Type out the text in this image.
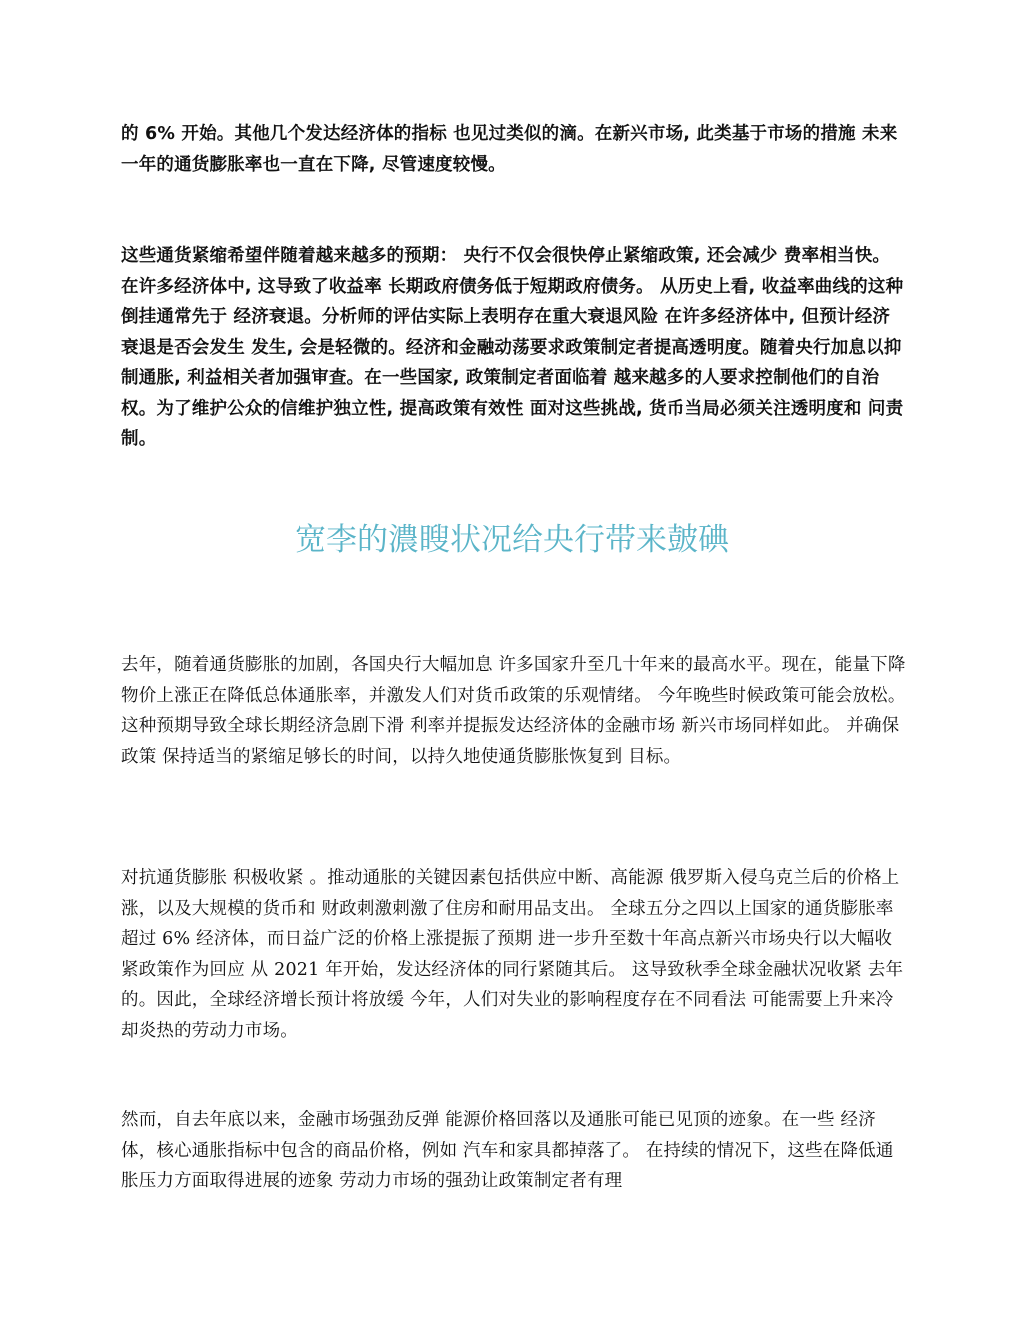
的 6% 开始。其他几个发达经济体的指标 也见过类似的滴。在新兴市场, 此类基于市场的措施 未来一年的通货膨胀率也一直在下降, 尽管速度较慢。

这些通货紧缩希望伴随着越来越多的预期： 央行不仅会很快停止紧缩政策, 还会减少 费率相当快。在许多经济体中, 这导致了收益率 长期政府债务低于短期政府债务。 从历史上看, 收益率曲线的这种倒挂通常先于 经济衰退。分析师的评估实际上表明存在重大衰退风险 在许多经济体中, 但预计经济衰退是否会发生 发生, 会是轻微的。经济和金融动荡要求政策制定者提高透明度。随着央行加息以抑制通胀, 利益相关者加强审查。在一些国家, 政策制定者面临着 越来越多的人要求控制他们的自治权。为了维护公众的信维护独立性, 提高政策有效性 面对这些挑战, 货币当局必须关注透明度和 问责制。

宽李的濃瞍状况给央行带来皷碘

去年，随着通货膨胀的加剧，各国央行大幅加息 许多国家升至几十年来的最高水平。现在，能量下降 物价上涨正在降低总体通胀率，并激发人们对货币政策的乐观情绪。 今年晚些时候政策可能会放松。 这种预期导致全球长期经济急剧下滑 利率并提振发达经济体的金融市场 新兴市场同样如此。 并确保政策 保持适当的紧缩足够长的时间，以持久地使通货膨胀恢复到 目标。

对抗通货膨胀 积极收紧 。推动通胀的关键因素包括供应中断、高能源 俄罗斯入侵乌克兰后的价格上涨，以及大规模的货币和 财政刺激刺激了住房和耐用品支出。 全球五分之四以上国家的通货膨胀率超过 6% 经济体，而日益广泛的价格上涨提振了预期 进一步升至数十年高点新兴市场央行以大幅收紧政策作为回应 从 2021 年开始，发达经济体的同行紧随其后。 这导致秋季全球金融状况收紧 去年的。因此，全球经济增长预计将放缓 今年，人们对失业的影响程度存在不同看法 可能需要上升来冷却炎热的劳动力市场。

然而，自去年底以来，金融市场强劲反弹 能源价格回落以及通胀可能已见顶的迹象。在一些 经济体，核心通胀指标中包含的商品价格，例如 汽车和家具都掉落了。 在持续的情况下，这些在降低通胀压力方面取得进展的迹象 劳动力市场的强劲让政策制定者有理
